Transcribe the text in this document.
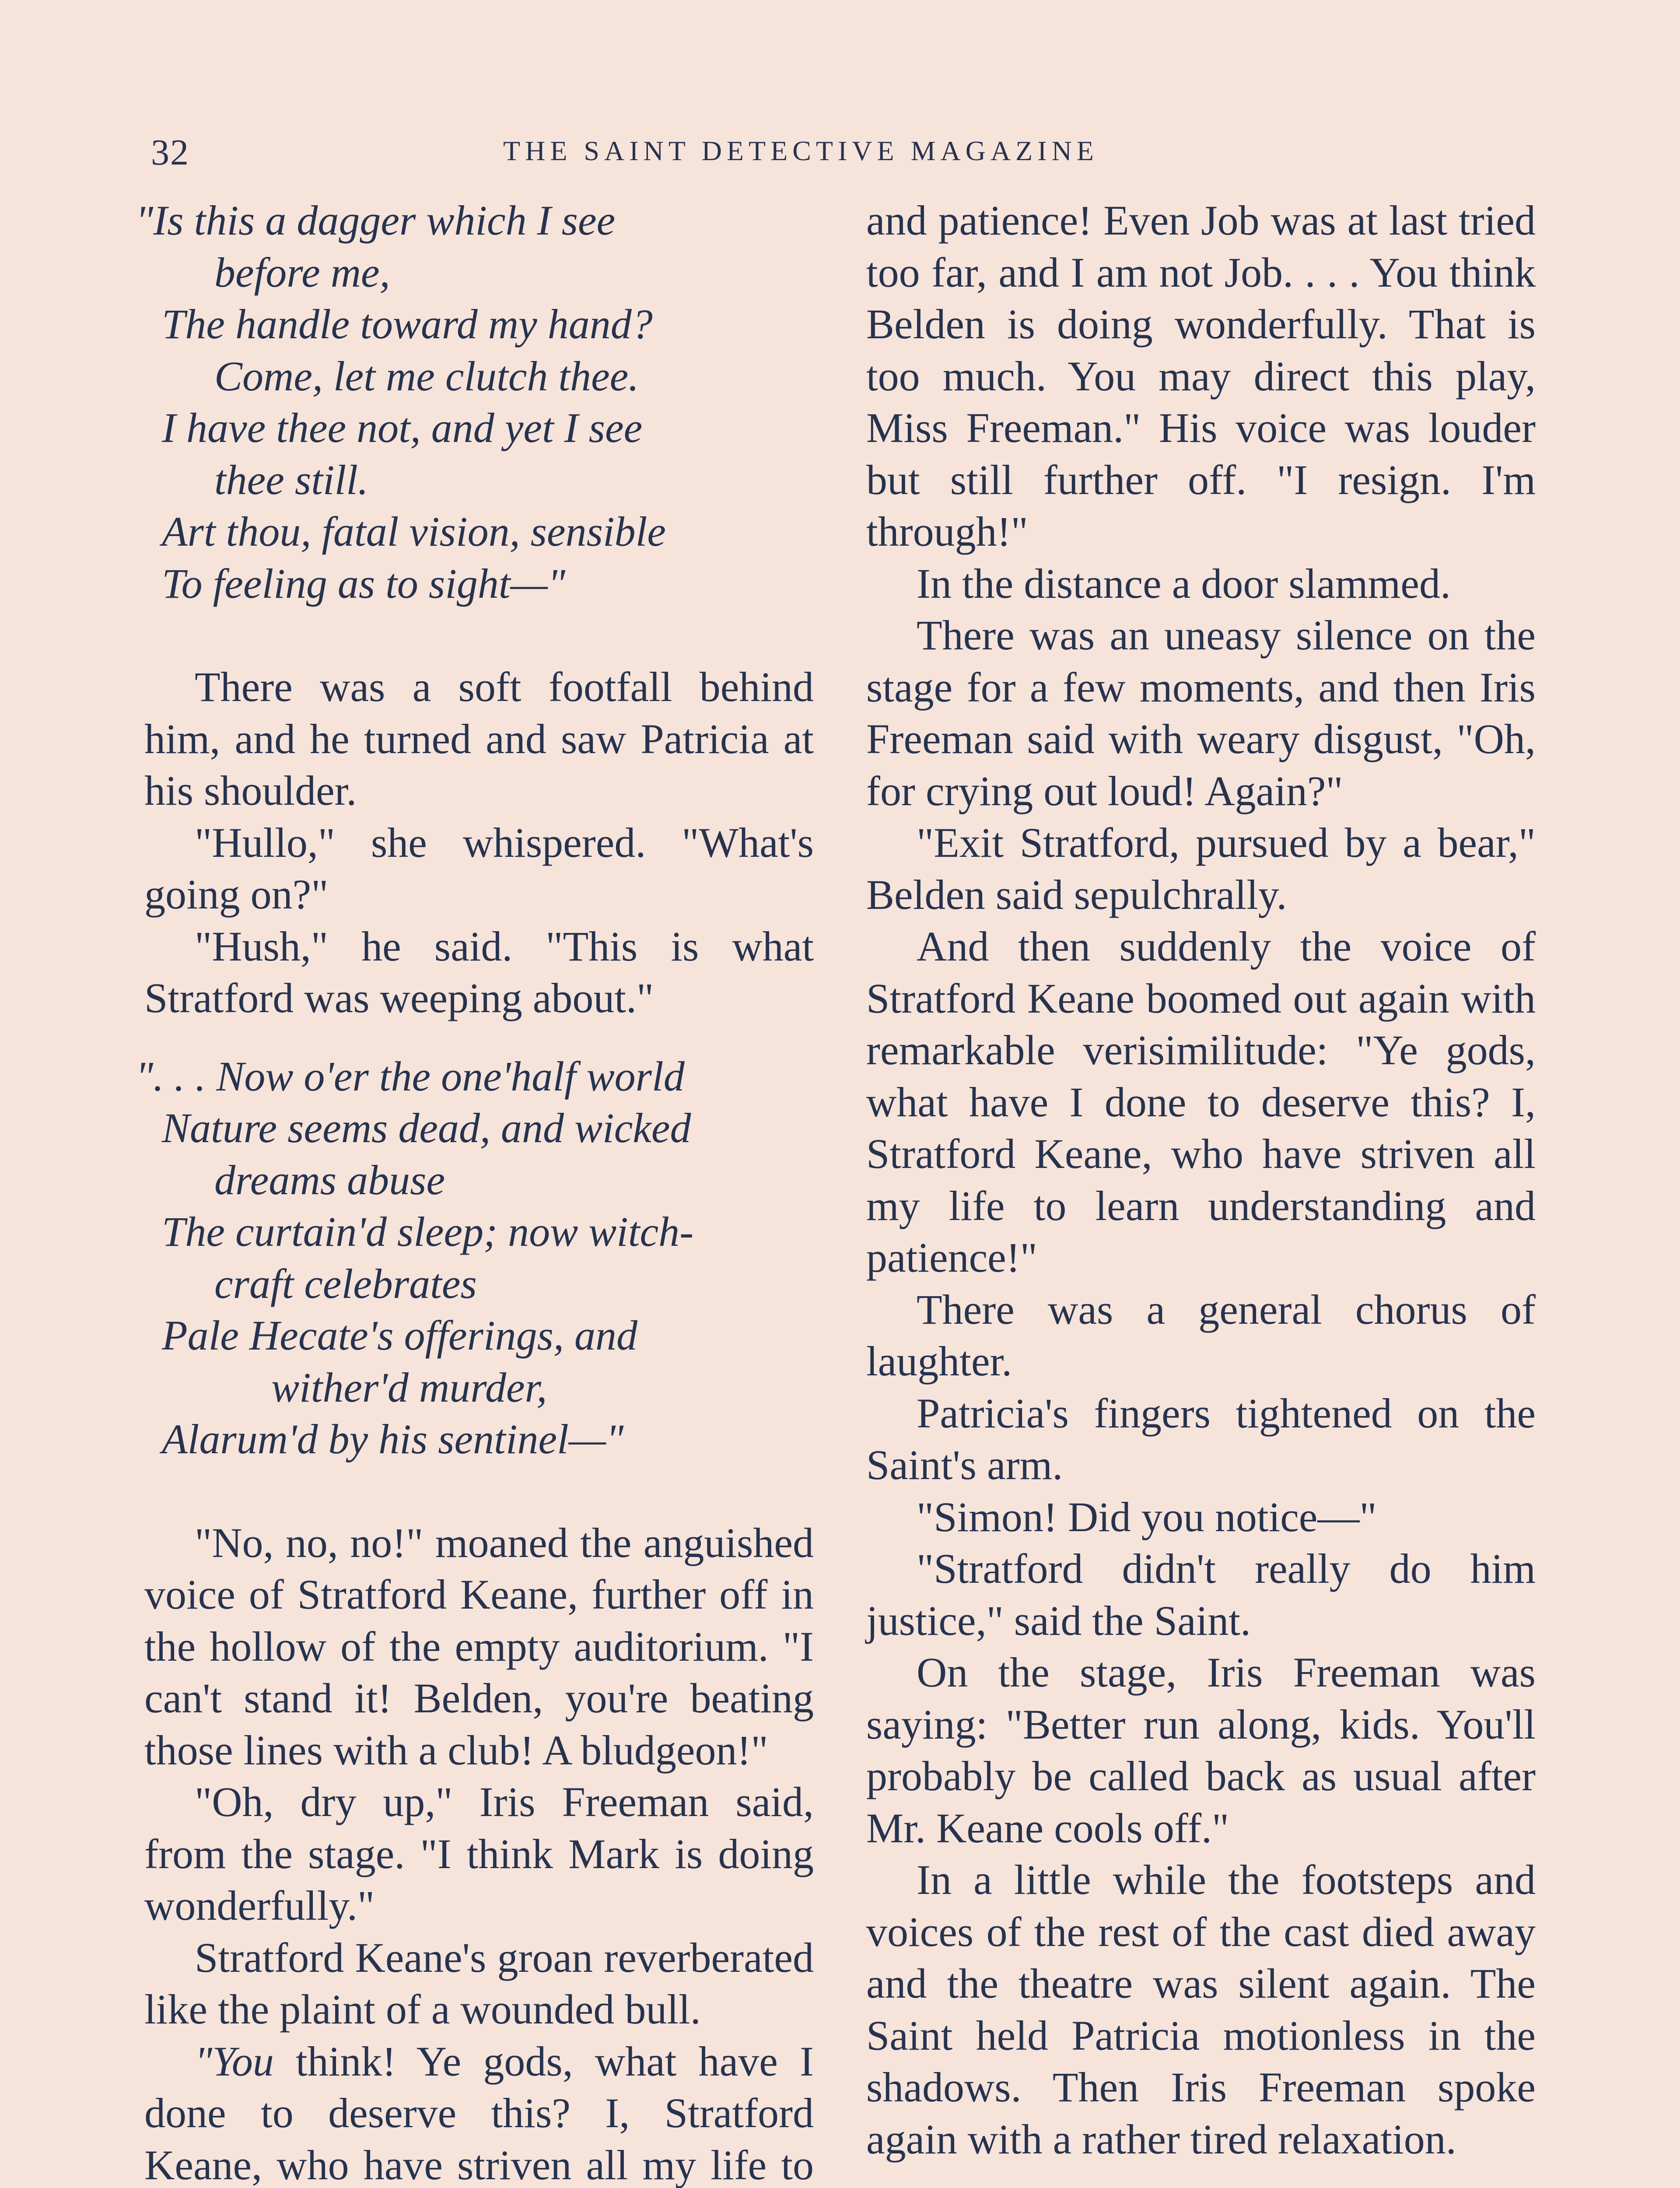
32	THE SAINT DETECTIVE MAGAZINE
"Is this a dagger which I see
before me,
The handle toward my hand?
Come, let me clutch thee.
I have thee not, and yet I see
thee still.
Art thou, fatal vision, sensible
To feeling as to sight—"

There was a soft footfall behind him, and he turned and saw Patricia at his shoulder.

"Hullo," she whispered. "What's going on?"

"Hush," he said. "This is what Stratford was weeping about."

". . . Now o'er the one'half world
Nature seems dead, and wicked
dreams abuse
The curtain'd sleep; now witch-
craft celebrates
Pale Hecate's offerings, and
wither'd murder,
Alarum'd by his sentinel—"

"No, no, no!" moaned the anguished voice of Stratford Keane, further off in the hollow of the empty auditorium. "I can't stand it! Belden, you're beating those lines with a club! A bludgeon!"

"Oh, dry up," Iris Freeman said, from the stage. "I think Mark is doing wonderfully."

Stratford Keane's groan reverberated like the plaint of a wounded bull.

"You think! Ye gods, what have I done to deserve this? I, Stratford Keane, who have striven all my life to

and patience! Even Job was at last tried too far, and I am not Job. . . . You think Belden is doing wonderfully. That is too much. You may direct this play, Miss Freeman." His voice was louder but still further off. "I resign. I'm through!"

In the distance a door slammed.

There was an uneasy silence on the stage for a few moments, and then Iris Freeman said with weary disgust, "Oh, for crying out loud! Again?"

"Exit Stratford, pursued by a bear," Belden said sepulchrally.

And then suddenly the voice of Stratford Keane boomed out again with remarkable verisimilitude: "Ye gods, what have I done to deserve this? I, Stratford Keane, who have striven all my life to learn understanding and patience!"

There was a general chorus of laughter.

Patricia's fingers tightened on the Saint's arm.

"Simon! Did you notice—"

"Stratford didn't really do him justice," said the Saint.

On the stage, Iris Freeman was saying: "Better run along, kids. You'll probably be called back as usual after Mr. Keane cools off."

In a little while the footsteps and voices of the rest of the cast died away and the theatre was silent again. The Saint held Patricia motionless in the shadows. Then Iris Freeman spoke again with a rather tired relaxation.
